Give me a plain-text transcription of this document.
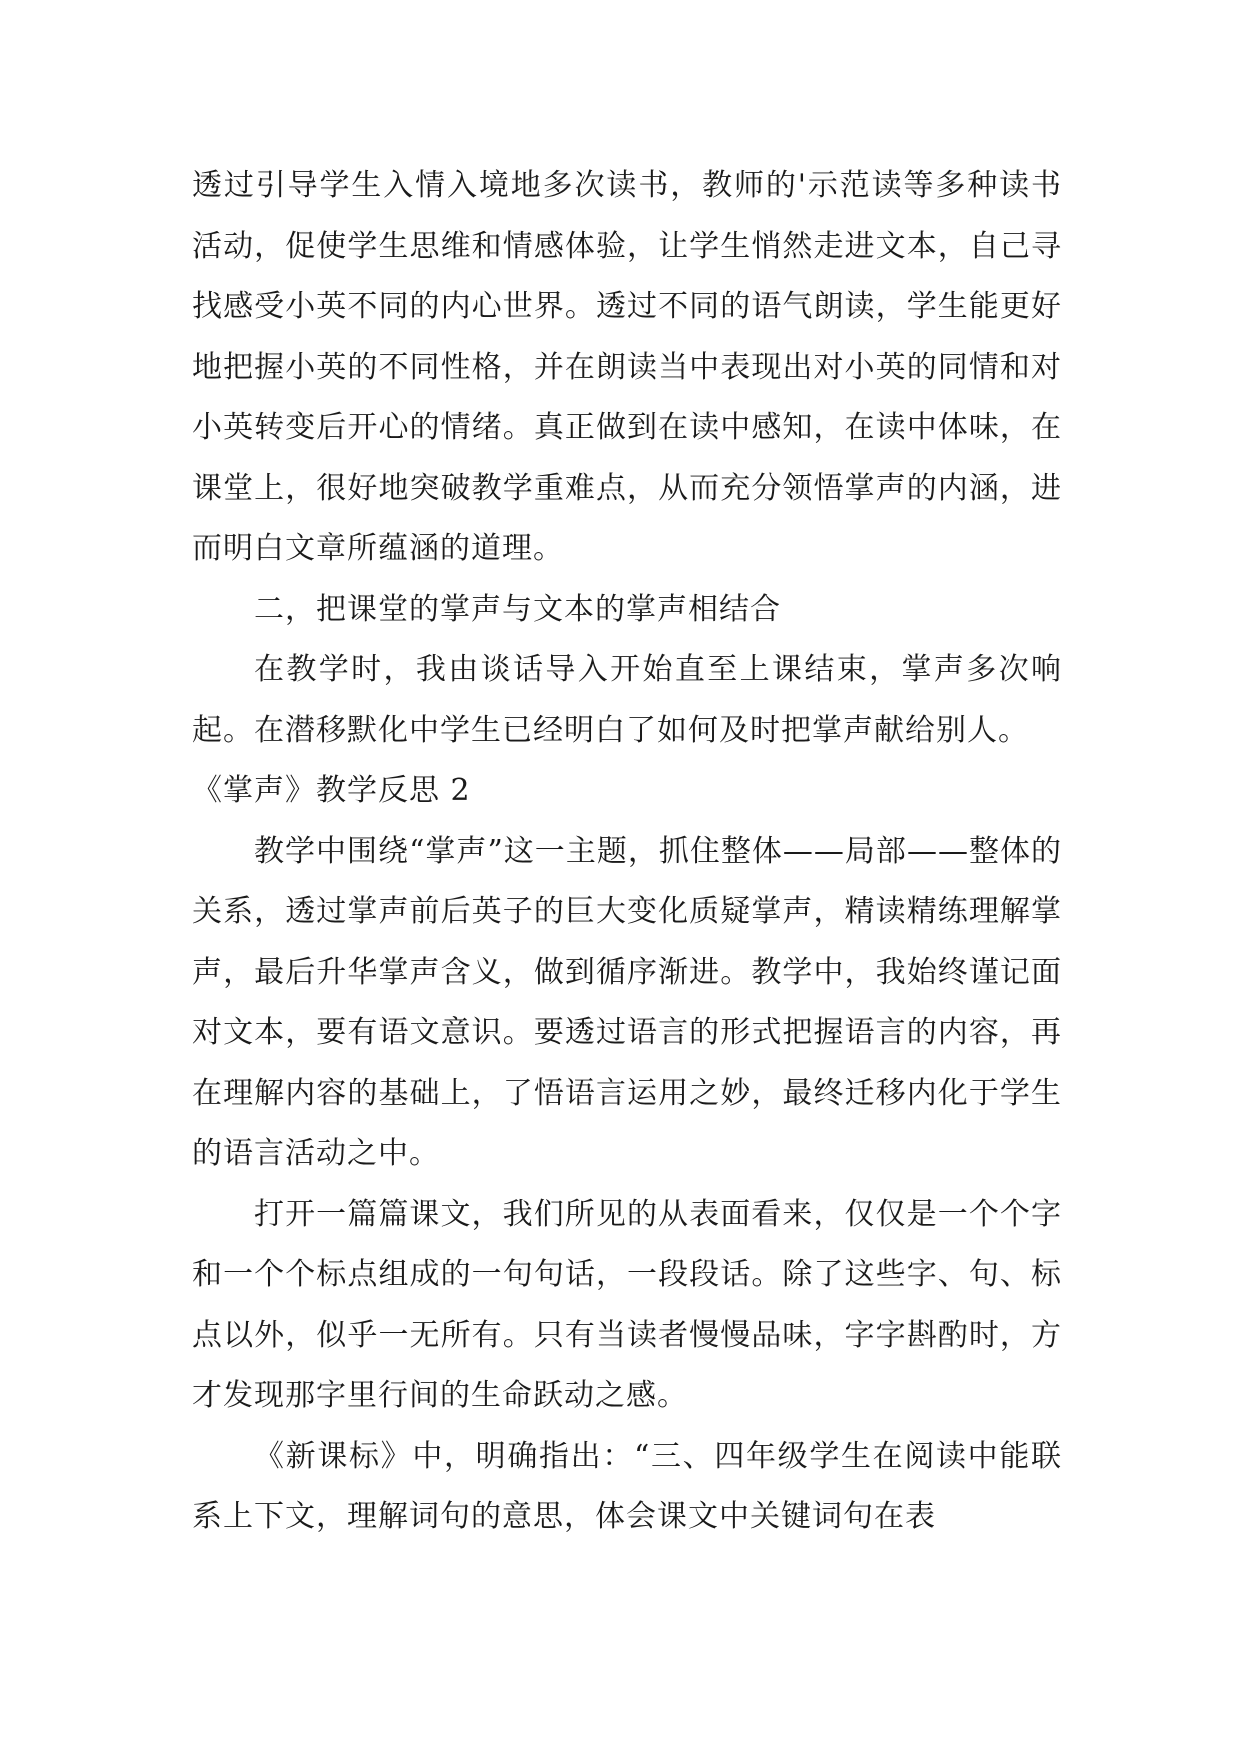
透过引导学生入情入境地多次读书，教师的'示范读等多种读书活动，促使学生思维和情感体验，让学生悄然走进文本，自己寻找感受小英不同的内心世界。透过不同的语气朗读，学生能更好地把握小英的不同性格，并在朗读当中表现出对小英的同情和对小英转变后开心的情绪。真正做到在读中感知，在读中体味，在课堂上，很好地突破教学重难点，从而充分领悟掌声的内涵，进而明白文章所蕴涵的道理。

二，把课堂的掌声与文本的掌声相结合

在教学时，我由谈话导入开始直至上课结束，掌声多次响起。在潜移默化中学生已经明白了如何及时把掌声献给别人。

《掌声》教学反思 2

教学中围绕“掌声”这一主题，抓住整体——局部——整体的关系，透过掌声前后英子的巨大变化质疑掌声，精读精练理解掌声，最后升华掌声含义，做到循序渐进。教学中，我始终谨记面对文本，要有语文意识。要透过语言的形式把握语言的内容，再在理解内容的基础上，了悟语言运用之妙，最终迁移内化于学生的语言活动之中。

打开一篇篇课文，我们所见的从表面看来，仅仅是一个个字和一个个标点组成的一句句话，一段段话。除了这些字、句、标点以外，似乎一无所有。只有当读者慢慢品味，字字斟酌时，方才发现那字里行间的生命跃动之感。

《新课标》中，明确指出：“三、四年级学生在阅读中能联系上下文，理解词句的意思，体会课文中关键词句在表
